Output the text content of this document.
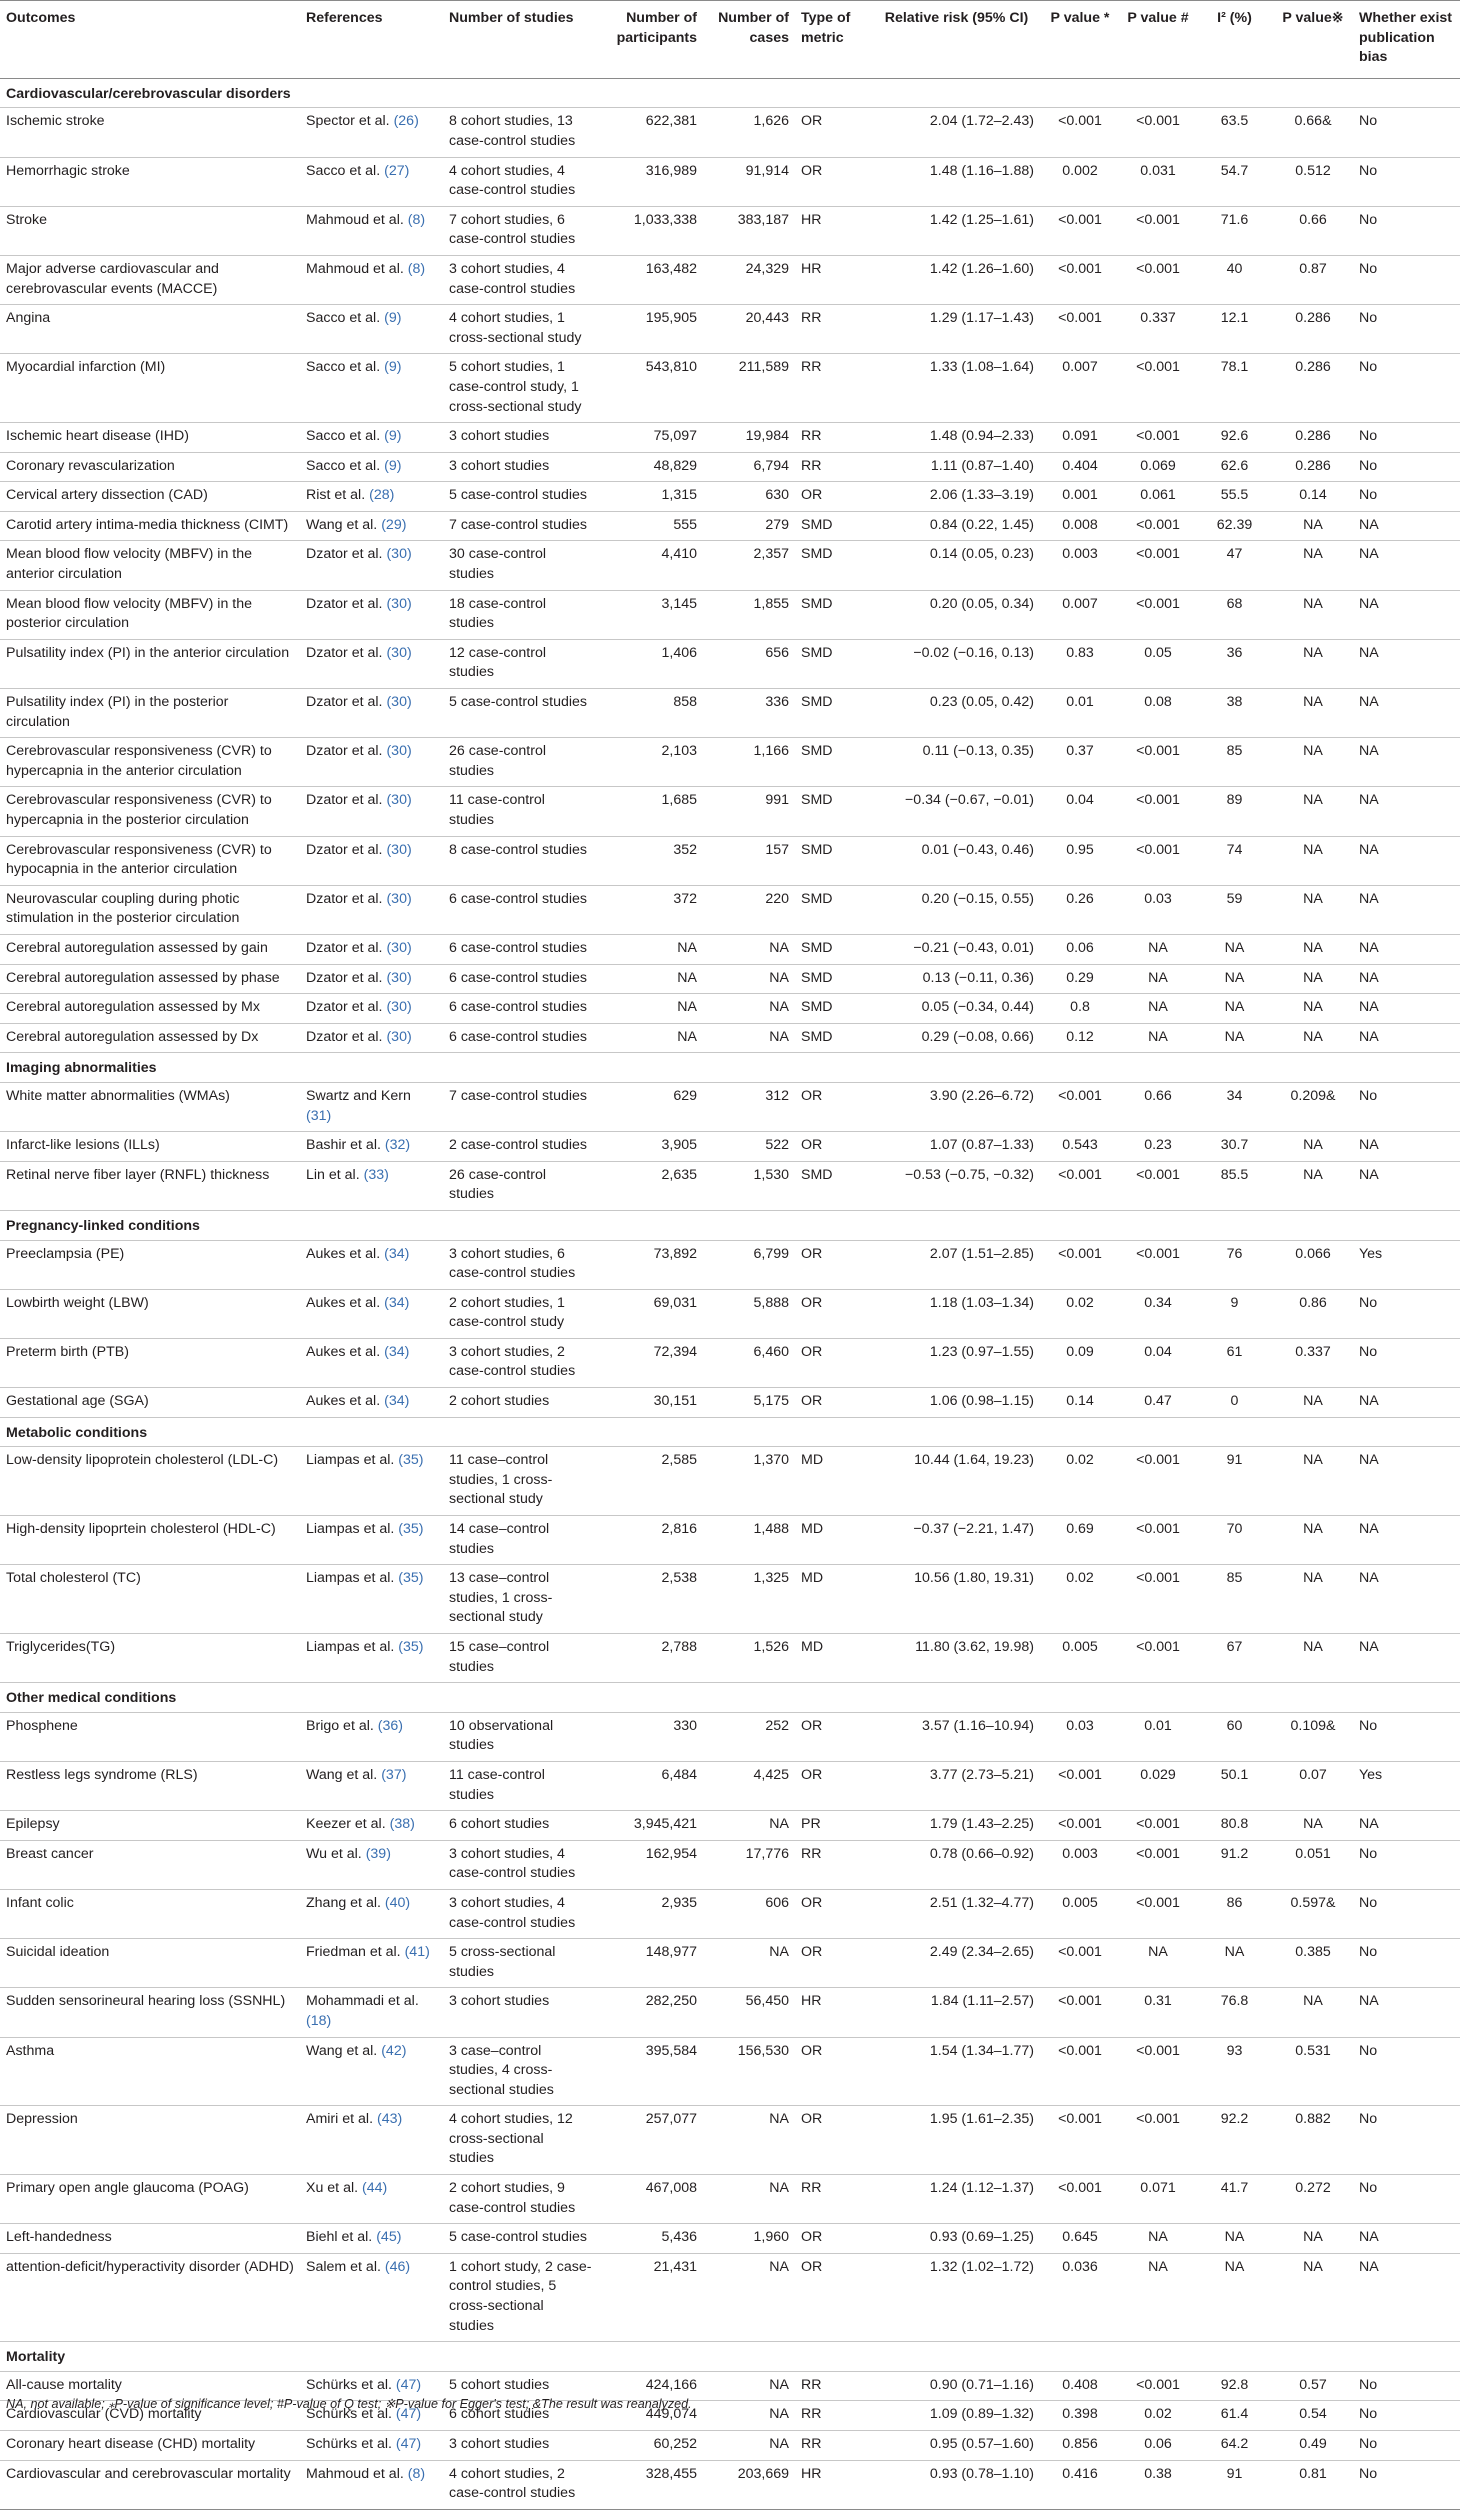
Outcomes	References	Number of studies	Number of participants	Number of cases	Type of metric	Relative risk (95% CI)	P value *	P value #	I² (%)	P value※	Whether exist publication bias
Cardiovascular/cerebrovascular disorders											
Ischemic stroke	Spector et al. (26)	8 cohort studies, 13 case-control studies	622,381	1,626	OR	2.04 (1.72–2.43)	<0.001	<0.001	63.5	0.66&	No
Hemorrhagic stroke	Sacco et al. (27)	4 cohort studies, 4 case-control studies	316,989	91,914	OR	1.48 (1.16–1.88)	0.002	0.031	54.7	0.512	No
Stroke	Mahmoud et al. (8)	7 cohort studies, 6 case-control studies	1,033,338	383,187	HR	1.42 (1.25–1.61)	<0.001	<0.001	71.6	0.66	No
Major adverse cardiovascular and cerebrovascular events (MACCE)	Mahmoud et al. (8)	3 cohort studies, 4 case-control studies	163,482	24,329	HR	1.42 (1.26–1.60)	<0.001	<0.001	40	0.87	No
Angina	Sacco et al. (9)	4 cohort studies, 1 cross-sectional study	195,905	20,443	RR	1.29 (1.17–1.43)	<0.001	0.337	12.1	0.286	No
Myocardial infarction (MI)	Sacco et al. (9)	5 cohort studies, 1 case-control study, 1 cross-sectional study	543,810	211,589	RR	1.33 (1.08–1.64)	0.007	<0.001	78.1	0.286	No
Ischemic heart disease (IHD)	Sacco et al. (9)	3 cohort studies	75,097	19,984	RR	1.48 (0.94–2.33)	0.091	<0.001	92.6	0.286	No
Coronary revascularization	Sacco et al. (9)	3 cohort studies	48,829	6,794	RR	1.11 (0.87–1.40)	0.404	0.069	62.6	0.286	No
Cervical artery dissection (CAD)	Rist et al. (28)	5 case-control studies	1,315	630	OR	2.06 (1.33–3.19)	0.001	0.061	55.5	0.14	No
Carotid artery intima-media thickness (CIMT)	Wang et al. (29)	7 case-control studies	555	279	SMD	0.84 (0.22, 1.45)	0.008	<0.001	62.39	NA	NA
Mean blood flow velocity (MBFV) in the anterior circulation	Dzator et al. (30)	30 case-control studies	4,410	2,357	SMD	0.14 (0.05, 0.23)	0.003	<0.001	47	NA	NA
Mean blood flow velocity (MBFV) in the posterior circulation	Dzator et al. (30)	18 case-control studies	3,145	1,855	SMD	0.20 (0.05, 0.34)	0.007	<0.001	68	NA	NA
Pulsatility index (PI) in the anterior circulation	Dzator et al. (30)	12 case-control studies	1,406	656	SMD	−0.02 (−0.16, 0.13)	0.83	0.05	36	NA	NA
Pulsatility index (PI) in the posterior circulation	Dzator et al. (30)	5 case-control studies	858	336	SMD	0.23 (0.05, 0.42)	0.01	0.08	38	NA	NA
Cerebrovascular responsiveness (CVR) to hypercapnia in the anterior circulation	Dzator et al. (30)	26 case-control studies	2,103	1,166	SMD	0.11 (−0.13, 0.35)	0.37	<0.001	85	NA	NA
Cerebrovascular responsiveness (CVR) to hypercapnia in the posterior circulation	Dzator et al. (30)	11 case-control studies	1,685	991	SMD	−0.34 (−0.67, −0.01)	0.04	<0.001	89	NA	NA
Cerebrovascular responsiveness (CVR) to hypocapnia in the anterior circulation	Dzator et al. (30)	8 case-control studies	352	157	SMD	0.01 (−0.43, 0.46)	0.95	<0.001	74	NA	NA
Neurovascular coupling during photic stimulation in the posterior circulation	Dzator et al. (30)	6 case-control studies	372	220	SMD	0.20 (−0.15, 0.55)	0.26	0.03	59	NA	NA
Cerebral autoregulation assessed by gain	Dzator et al. (30)	6 case-control studies	NA	NA	SMD	−0.21 (−0.43, 0.01)	0.06	NA	NA	NA	NA
Cerebral autoregulation assessed by phase	Dzator et al. (30)	6 case-control studies	NA	NA	SMD	0.13 (−0.11, 0.36)	0.29	NA	NA	NA	NA
Cerebral autoregulation assessed by Mx	Dzator et al. (30)	6 case-control studies	NA	NA	SMD	0.05 (−0.34, 0.44)	0.8	NA	NA	NA	NA
Cerebral autoregulation assessed by Dx	Dzator et al. (30)	6 case-control studies	NA	NA	SMD	0.29 (−0.08, 0.66)	0.12	NA	NA	NA	NA
Imaging abnormalities											
White matter abnormalities (WMAs)	Swartz and Kern (31)	7 case-control studies	629	312	OR	3.90 (2.26–6.72)	<0.001	0.66	34	0.209&	No
Infarct-like lesions (ILLs)	Bashir et al. (32)	2 case-control studies	3,905	522	OR	1.07 (0.87–1.33)	0.543	0.23	30.7	NA	NA
Retinal nerve fiber layer (RNFL) thickness	Lin et al. (33)	26 case-control studies	2,635	1,530	SMD	−0.53 (−0.75, −0.32)	<0.001	<0.001	85.5	NA	NA
Pregnancy-linked conditions											
Preeclampsia (PE)	Aukes et al. (34)	3 cohort studies, 6 case-control studies	73,892	6,799	OR	2.07 (1.51–2.85)	<0.001	<0.001	76	0.066	Yes
Lowbirth weight (LBW)	Aukes et al. (34)	2 cohort studies, 1 case-control study	69,031	5,888	OR	1.18 (1.03–1.34)	0.02	0.34	9	0.86	No
Preterm birth (PTB)	Aukes et al. (34)	3 cohort studies, 2 case-control studies	72,394	6,460	OR	1.23 (0.97–1.55)	0.09	0.04	61	0.337	No
Gestational age (SGA)	Aukes et al. (34)	2 cohort studies	30,151	5,175	OR	1.06 (0.98–1.15)	0.14	0.47	0	NA	NA
Metabolic conditions											
Low-density lipoprotein cholesterol (LDL-C)	Liampas et al. (35)	11 case–control studies, 1 cross-sectional study	2,585	1,370	MD	10.44 (1.64, 19.23)	0.02	<0.001	91	NA	NA
High-density lipoprtein cholesterol (HDL-C)	Liampas et al. (35)	14 case–control studies	2,816	1,488	MD	−0.37 (−2.21, 1.47)	0.69	<0.001	70	NA	NA
Total cholesterol (TC)	Liampas et al. (35)	13 case–control studies, 1 cross-sectional study	2,538	1,325	MD	10.56 (1.80, 19.31)	0.02	<0.001	85	NA	NA
Triglycerides(TG)	Liampas et al. (35)	15 case–control studies	2,788	1,526	MD	11.80 (3.62, 19.98)	0.005	<0.001	67	NA	NA
Other medical conditions											
Phosphene	Brigo et al. (36)	10 observational studies	330	252	OR	3.57 (1.16–10.94)	0.03	0.01	60	0.109&	No
Restless legs syndrome (RLS)	Wang et al. (37)	11 case-control studies	6,484	4,425	OR	3.77 (2.73–5.21)	<0.001	0.029	50.1	0.07	Yes
Epilepsy	Keezer et al. (38)	6 cohort studies	3,945,421	NA	PR	1.79 (1.43–2.25)	<0.001	<0.001	80.8	NA	NA
Breast cancer	Wu et al. (39)	3 cohort studies, 4 case-control studies	162,954	17,776	RR	0.78 (0.66–0.92)	0.003	<0.001	91.2	0.051	No
Infant colic	Zhang et al. (40)	3 cohort studies, 4 case-control studies	2,935	606	OR	2.51 (1.32–4.77)	0.005	<0.001	86	0.597&	No
Suicidal ideation	Friedman et al. (41)	5 cross-sectional studies	148,977	NA	OR	2.49 (2.34–2.65)	<0.001	NA	NA	0.385	No
Sudden sensorineural hearing loss (SSNHL)	Mohammadi et al. (18)	3 cohort studies	282,250	56,450	HR	1.84 (1.11–2.57)	<0.001	0.31	76.8	NA	NA
Asthma	Wang et al. (42)	3 case–control studies, 4 cross-sectional studies	395,584	156,530	OR	1.54 (1.34–1.77)	<0.001	<0.001	93	0.531	No
Depression	Amiri et al. (43)	4 cohort studies, 12 cross-sectional studies	257,077	NA	OR	1.95 (1.61–2.35)	<0.001	<0.001	92.2	0.882	No
Primary open angle glaucoma (POAG)	Xu et al. (44)	2 cohort studies, 9 case-control studies	467,008	NA	RR	1.24 (1.12–1.37)	<0.001	0.071	41.7	0.272	No
Left-handedness	Biehl et al. (45)	5 case-control studies	5,436	1,960	OR	0.93 (0.69–1.25)	0.645	NA	NA	NA	NA
attention-deficit/hyperactivity disorder (ADHD)	Salem et al. (46)	1 cohort study, 2 case-control studies, 5 cross-sectional studies	21,431	NA	OR	1.32 (1.02–1.72)	0.036	NA	NA	NA	NA
Mortality											
All-cause mortality	Schürks et al. (47)	5 cohort studies	424,166	NA	RR	0.90 (0.71–1.16)	0.408	<0.001	92.8	0.57	No
Cardiovascular (CVD) mortality	Schürks et al. (47)	6 cohort studies	449,074	NA	RR	1.09 (0.89–1.32)	0.398	0.02	61.4	0.54	No
Coronary heart disease (CHD) mortality	Schürks et al. (47)	3 cohort studies	60,252	NA	RR	0.95 (0.57–1.60)	0.856	0.06	64.2	0.49	No
Cardiovascular and cerebrovascular mortality	Mahmoud et al. (8)	4 cohort studies, 2 case-control studies	328,455	203,669	HR	0.93 (0.78–1.10)	0.416	0.38	91	0.81	No
NA, not available; ⁎P-value of significance level; #P-value of Q test; ※P-value for Egger's test; &The result was reanalyzed.
